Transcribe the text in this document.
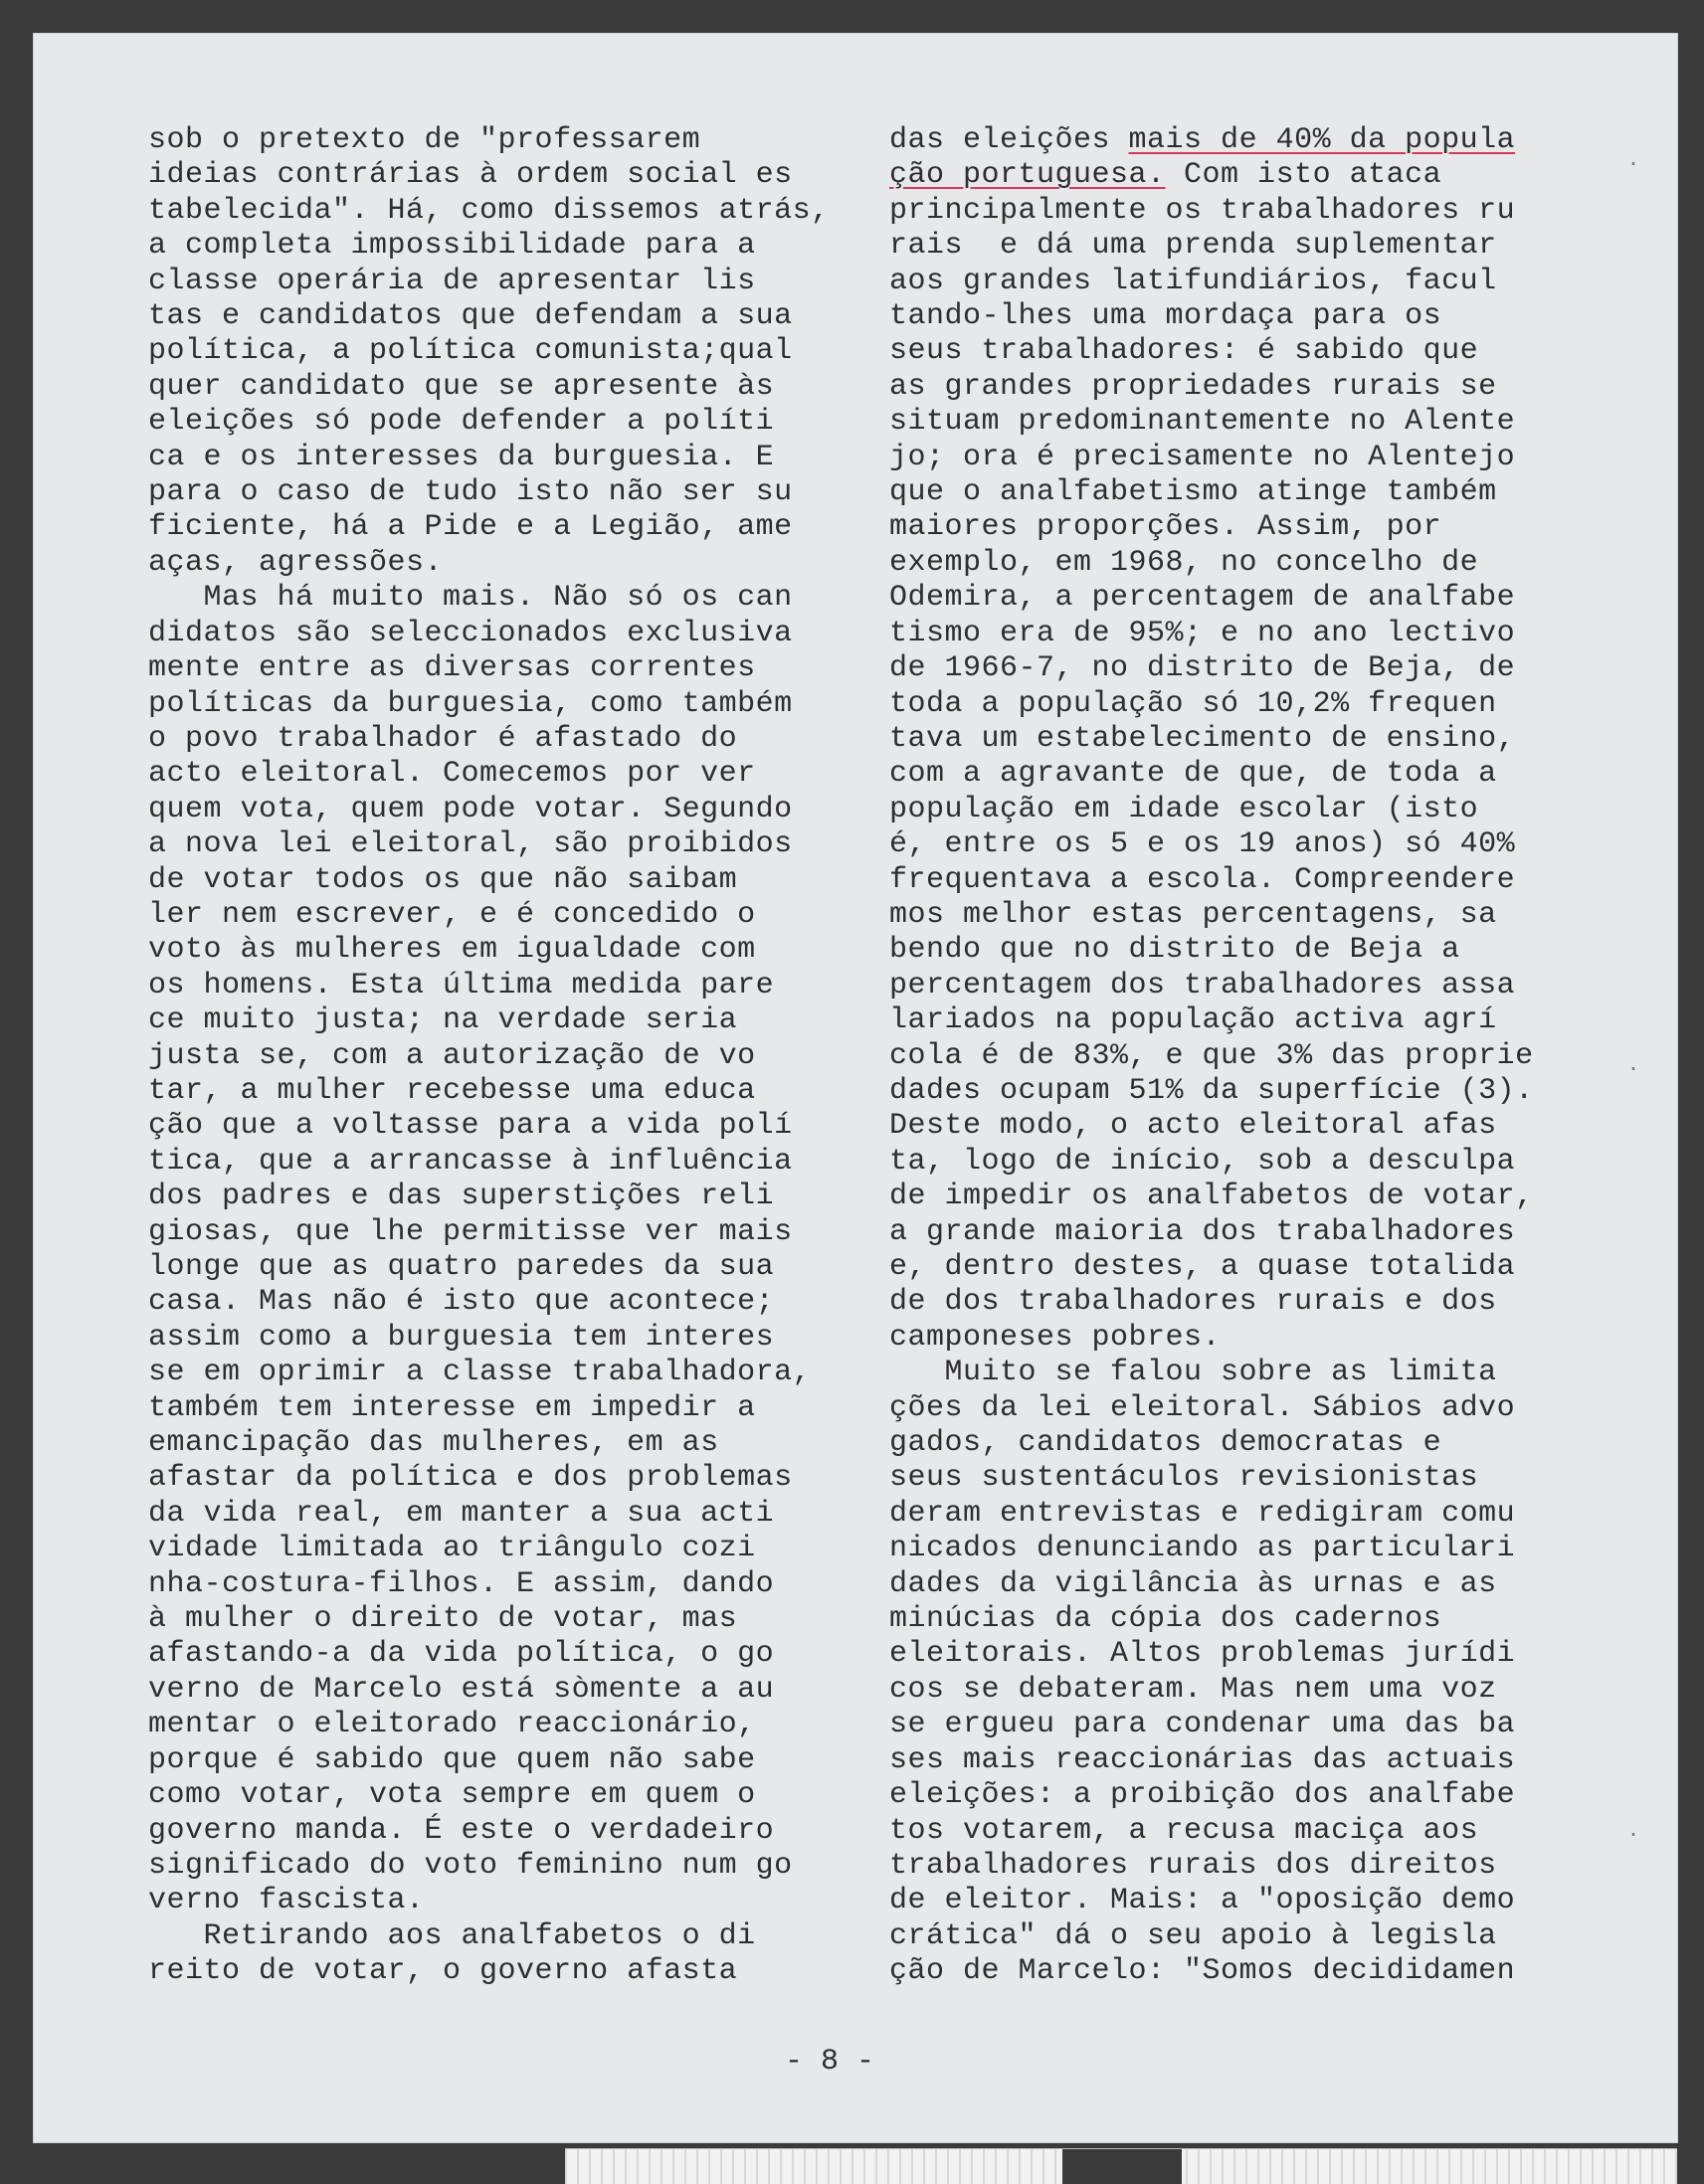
sob o pretexto de "professarem
ideias contrárias à ordem social es
tabelecida". Há, como dissemos atrás,
a completa impossibilidade para a
classe operária de apresentar lis
tas e candidatos que defendam a sua
política, a política comunista;qual
quer candidato que se apresente às
eleições só pode defender a políti
ca e os interesses da burguesia. E
para o caso de tudo isto não ser su
ficiente, há a Pide e a Legião, ame
aças, agressões.
Mas há muito mais. Não só os can
didatos são seleccionados exclusiva
mente entre as diversas correntes
políticas da burguesia, como também
o povo trabalhador é afastado do
acto eleitoral. Comecemos por ver
quem vota, quem pode votar. Segundo
a nova lei eleitoral, são proibidos
de votar todos os que não saibam
ler nem escrever, e é concedido o
voto às mulheres em igualdade com
os homens. Esta última medida pare
ce muito justa; na verdade seria
justa se, com a autorização de vo
tar, a mulher recebesse uma educa
ção que a voltasse para a vida polí
tica, que a arrancasse à influência
dos padres e das superstições reli
giosas, que lhe permitisse ver mais
longe que as quatro paredes da sua
casa. Mas não é isto que acontece;
assim como a burguesia tem interes
se em oprimir a classe trabalhadora,
também tem interesse em impedir a
emancipação das mulheres, em as
afastar da política e dos problemas
da vida real, em manter a sua acti
vidade limitada ao triângulo cozi
nha-costura-filhos. E assim, dando
à mulher o direito de votar, mas
afastando-a da vida política, o go
verno de Marcelo está sòmente a au
mentar o eleitorado reaccionário,
porque é sabido que quem não sabe
como votar, vota sempre em quem o
governo manda. É este o verdadeiro
significado do voto feminino num go
verno fascista.
Retirando aos analfabetos o di
reito de votar, o governo afasta
das eleições mais de 40% da popula
ção portuguesa. Com isto ataca
principalmente os trabalhadores ru
rais  e dá uma prenda suplementar
aos grandes latifundiários, facul
tando-lhes uma mordaça para os
seus trabalhadores: é sabido que
as grandes propriedades rurais se
situam predominantemente no Alente
jo; ora é precisamente no Alentejo
que o analfabetismo atinge também
maiores proporções. Assim, por
exemplo, em 1968, no concelho de
Odemira, a percentagem de analfabe
tismo era de 95%; e no ano lectivo
de 1966-7, no distrito de Beja, de
toda a população só 10,2% frequen
tava um estabelecimento de ensino,
com a agravante de que, de toda a
população em idade escolar (isto
é, entre os 5 e os 19 anos) só 40%
frequentava a escola. Compreendere
mos melhor estas percentagens, sa
bendo que no distrito de Beja a
percentagem dos trabalhadores assa
lariados na população activa agrí
cola é de 83%, e que 3% das proprie
dades ocupam 51% da superfície (3).
Deste modo, o acto eleitoral afas
ta, logo de início, sob a desculpa
de impedir os analfabetos de votar,
a grande maioria dos trabalhadores
e, dentro destes, a quase totalida
de dos trabalhadores rurais e dos
camponeses pobres.
Muito se falou sobre as limita
ções da lei eleitoral. Sábios advo
gados, candidatos democratas e
seus sustentáculos revisionistas
deram entrevistas e redigiram comu
nicados denunciando as particulari
dades da vigilância às urnas e as
minúcias da cópia dos cadernos
eleitorais. Altos problemas jurídi
cos se debateram. Mas nem uma voz
se ergueu para condenar uma das ba
ses mais reaccionárias das actuais
eleições: a proibição dos analfabe
tos votarem, a recusa maciça aos
trabalhadores rurais dos direitos
de eleitor. Mais: a "oposição demo
crática" dá o seu apoio à legisla
ção de Marcelo: "Somos decididamen
- 8 -
·
·
·
